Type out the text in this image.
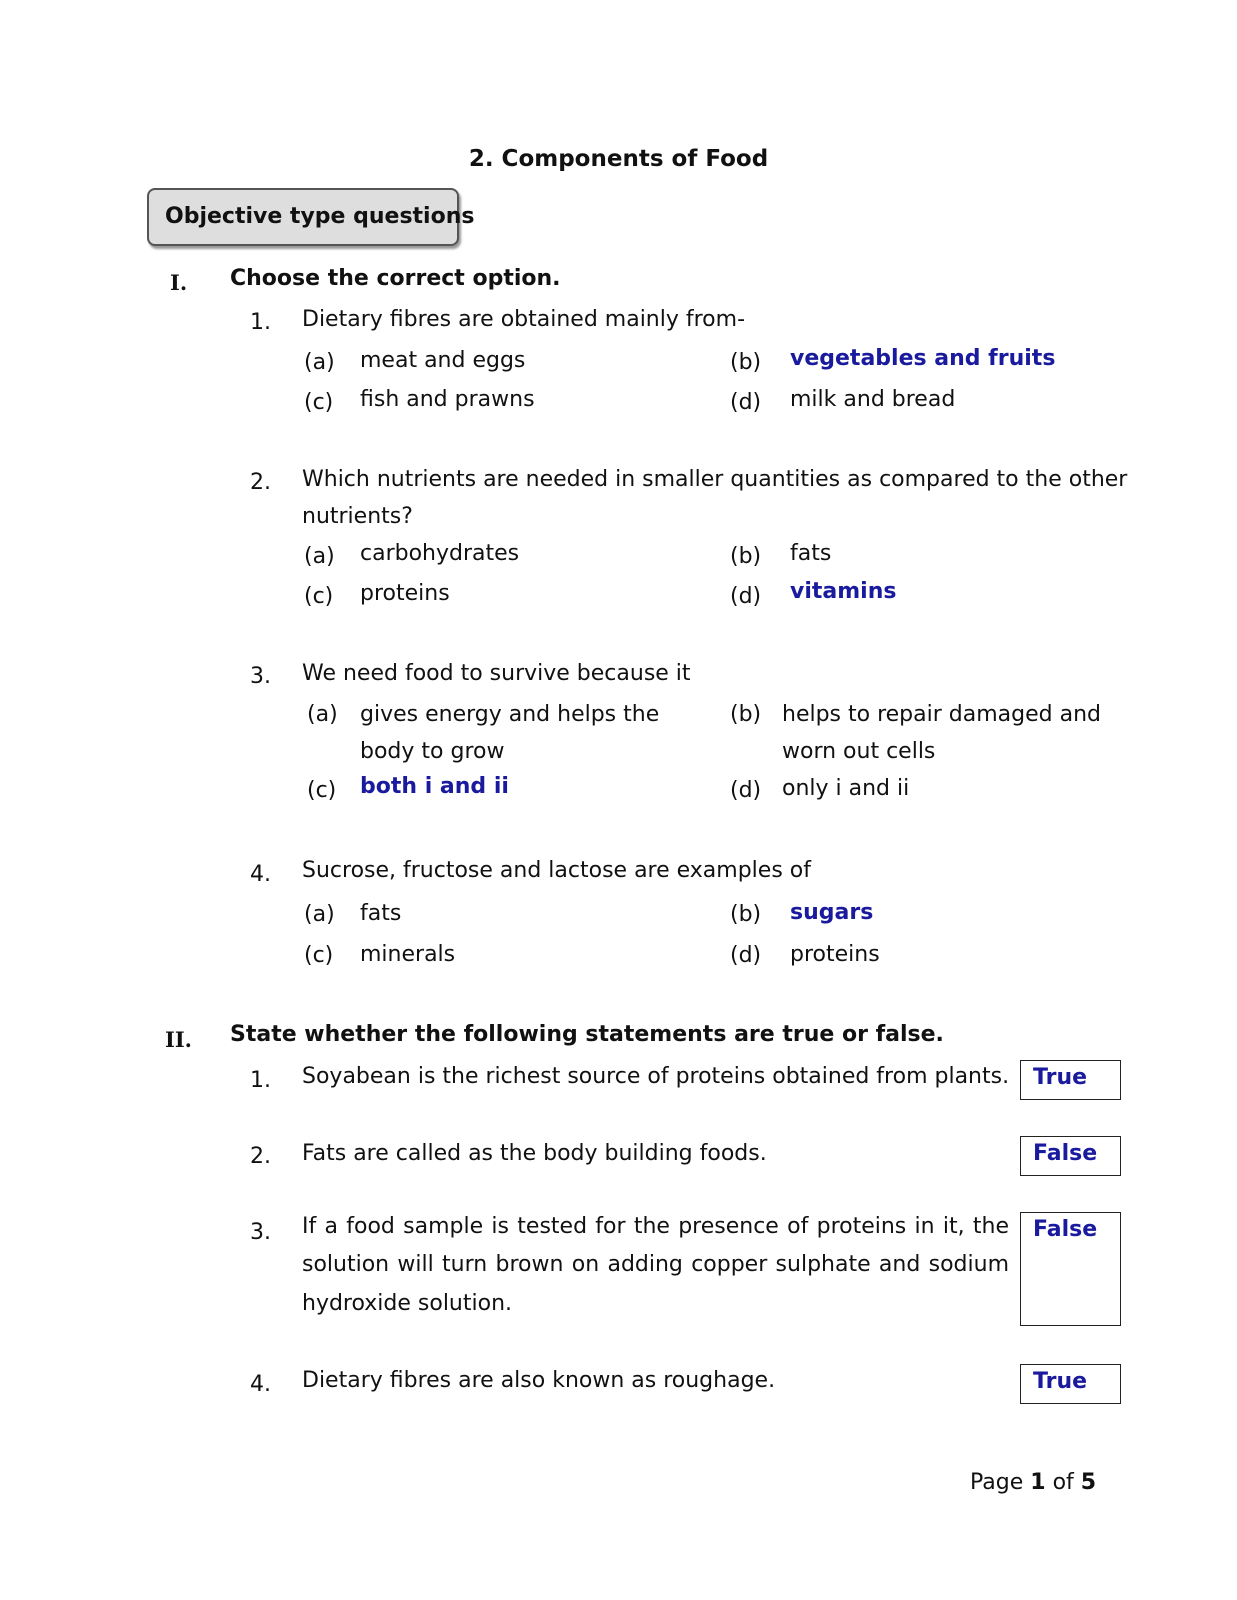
2. Components of Food
Objective type questions
I. Choose the correct option.
1. Dietary fibres are obtained mainly from-
(a) meat and eggs	(b) vegetables and fruits
(c) fish and prawns	(d) milk and bread
2. Which nutrients are needed in smaller quantities as compared to the other
nutrients?
(a) carbohydrates	(b) fats
(c) proteins	(d) vitamins
3. We need food to survive because it
(a) gives energy and helps the
body to grow
(b) helps to repair damaged and
worn out cells
(c) both i and ii	(d) only i and ii
4. Sucrose, fructose and lactose are examples of
(a) fats	(b) sugars
(c) minerals	(d) proteins
II. State whether the following statements are true or false.
1. Soyabean is the richest source of proteins obtained from plants.	True
2. Fats are called as the body building foods.	False
3. If a food sample is tested for the presence of proteins in it, the
solution will turn brown on adding copper sulphate and sodium
hydroxide solution.
False
4. Dietary fibres are also known as roughage.	True
Page 1 of 5
